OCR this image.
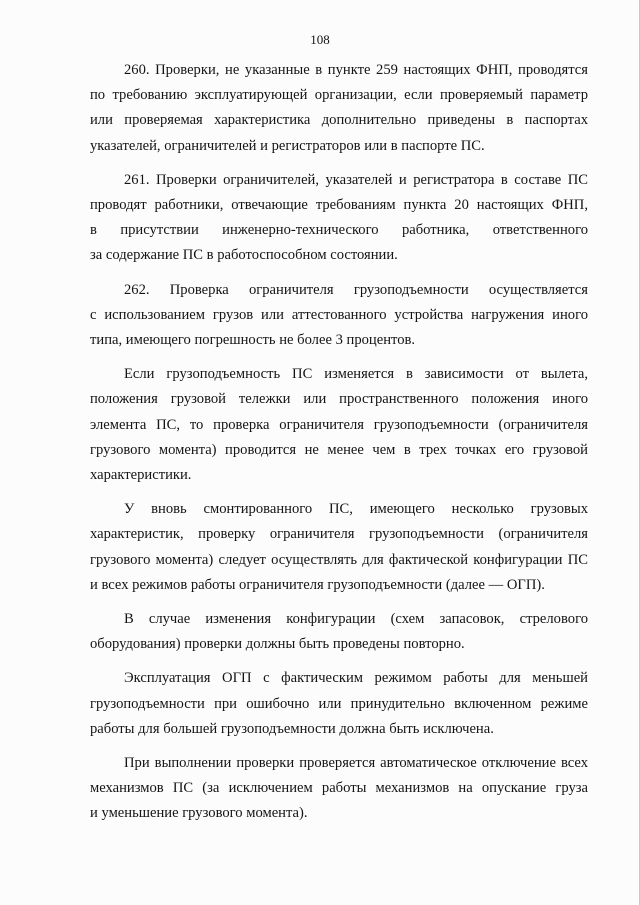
108

260. Проверки, не указанные в пункте 259 настоящих ФНП, проводятся
по требованию эксплуатирующей организации, если проверяемый параметр
или проверяемая характеристика дополнительно приведены в паспортах
указателей, ограничителей и регистраторов или в паспорте ПС.

261. Проверки ограничителей, указателей и регистратора в составе ПС
проводят работники, отвечающие требованиям пункта 20 настоящих ФНП,
в присутствии инженерно-технического работника, ответственного
за содержание ПС в работоспособном состоянии.

262. Проверка ограничителя грузоподъемности осуществляется
с использованием грузов или аттестованного устройства нагружения иного
типа, имеющего погрешность не более 3 процентов.

Если грузоподъемность ПС изменяется в зависимости от вылета,
положения грузовой тележки или пространственного положения иного
элемента ПС, то проверка ограничителя грузоподъемности (ограничителя
грузового момента) проводится не менее чем в трех точках его грузовой
характеристики.

У вновь смонтированного ПС, имеющего несколько грузовых
характеристик, проверку ограничителя грузоподъемности (ограничителя
грузового момента) следует осуществлять для фактической конфигурации ПС
и всех режимов работы ограничителя грузоподъемности (далее — ОГП).

В случае изменения конфигурации (схем запасовок, стрелового
оборудования) проверки должны быть проведены повторно.

Эксплуатация ОГП с фактическим режимом работы для меньшей
грузоподъемности при ошибочно или принудительно включенном режиме
работы для большей грузоподъемности должна быть исключена.

При выполнении проверки проверяется автоматическое отключение всех
механизмов ПС (за исключением работы механизмов на опускание груза
и уменьшение грузового момента).
